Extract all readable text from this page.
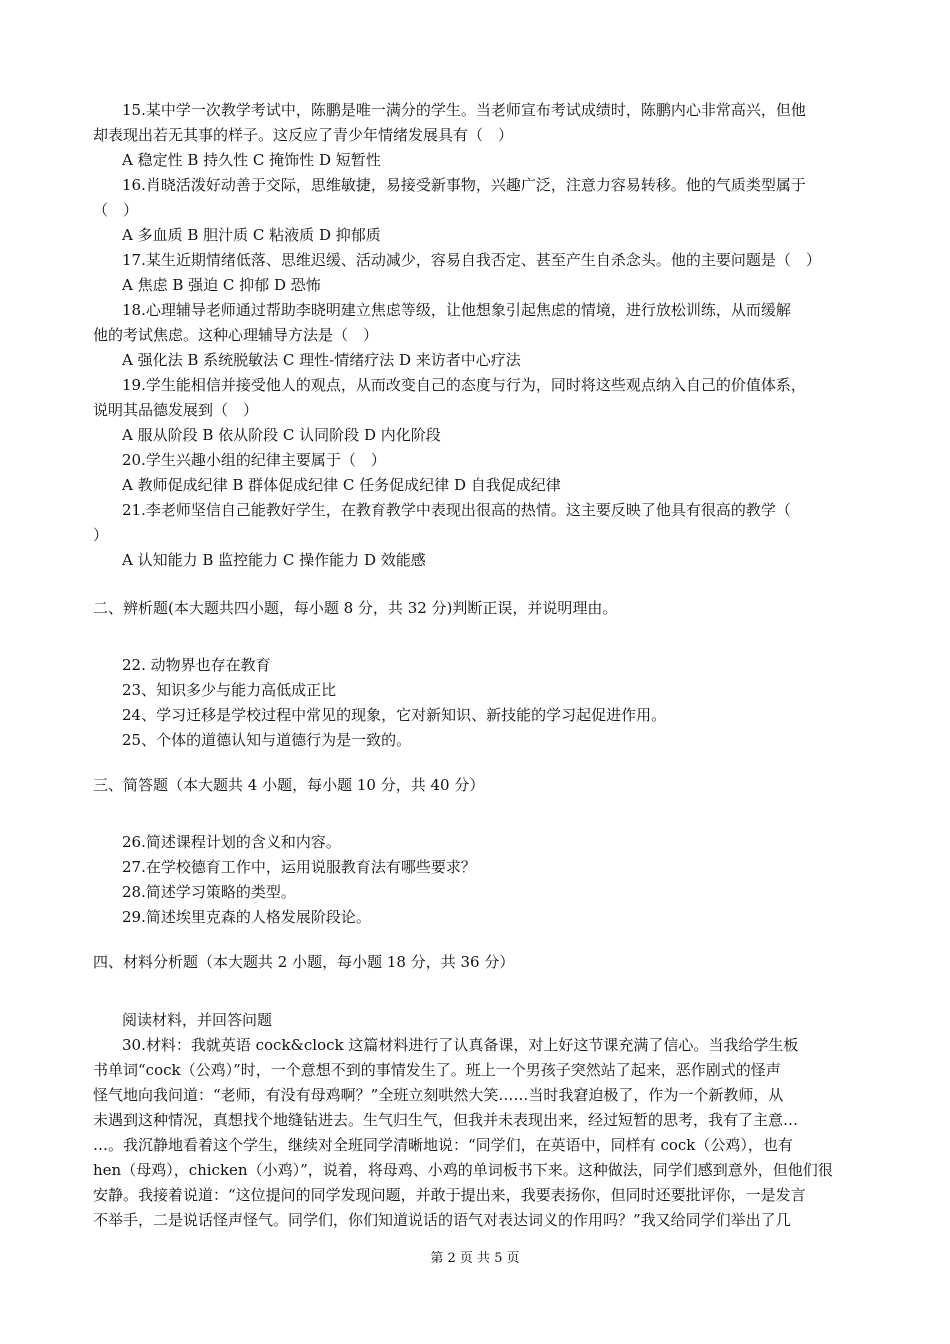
15.某中学一次教学考试中，陈鹏是唯一满分的学生。当老师宣布考试成绩时，陈鹏内心非常高兴，但他
却表现出若无其事的样子。这反应了青少年情绪发展具有（　）
A 稳定性 B 持久性 C 掩饰性 D 短暂性
16.肖晓活泼好动善于交际，思维敏捷，易接受新事物，兴趣广泛，注意力容易转移。他的气质类型属于
（　）
A 多血质 B 胆汁质 C 粘液质 D 抑郁质
17.某生近期情绪低落、思维迟缓、活动减少，容易自我否定、甚至产生自杀念头。他的主要问题是（　）
A 焦虑 B 强迫 C 抑郁 D 恐怖
18.心理辅导老师通过帮助李晓明建立焦虑等级，让他想象引起焦虑的情境，进行放松训练，从而缓解
他的考试焦虑。这种心理辅导方法是（　）
A 强化法 B 系统脱敏法 C 理性-情绪疗法 D 来访者中心疗法
19.学生能相信并接受他人的观点，从而改变自己的态度与行为，同时将这些观点纳入自己的价值体系，
说明其品德发展到（　）
A 服从阶段 B 依从阶段 C 认同阶段 D 内化阶段
20.学生兴趣小组的纪律主要属于（　）
A 教师促成纪律 B 群体促成纪律 C 任务促成纪律 D 自我促成纪律
21.李老师坚信自己能教好学生，在教育教学中表现出很高的热情。这主要反映了他具有很高的教学（
）
A 认知能力 B 监控能力 C 操作能力 D 效能感
二、辨析题(本大题共四小题，每小题 8 分，共 32 分)判断正误，并说明理由。
22. 动物界也存在教育
23、知识多少与能力高低成正比
24、学习迁移是学校过程中常见的现象，它对新知识、新技能的学习起促进作用。
25、个体的道德认知与道德行为是一致的。
三、简答题（本大题共 4 小题，每小题 10 分，共 40 分）
26.简述课程计划的含义和内容。
27.在学校德育工作中，运用说服教育法有哪些要求？
28.简述学习策略的类型。
29.简述埃里克森的人格发展阶段论。
四、材料分析题（本大题共 2 小题，每小题 18 分，共 36 分）
阅读材料，并回答问题
30.材料：我就英语 cock&clock 这篇材料进行了认真备课，对上好这节课充满了信心。当我给学生板
书单词“cock（公鸡）”时，一个意想不到的事情发生了。班上一个男孩子突然站了起来，恶作剧式的怪声
怪气地向我问道：“老师，有没有母鸡啊？”全班立刻哄然大笑……当时我窘迫极了，作为一个新教师，从
未遇到这种情况，真想找个地缝钻进去。生气归生气，但我并未表现出来，经过短暂的思考，我有了主意…
…。我沉静地看着这个学生，继续对全班同学清晰地说：“同学们，在英语中，同样有 cock（公鸡），也有
hen（母鸡），chicken（小鸡）”，说着，将母鸡、小鸡的单词板书下来。这种做法，同学们感到意外，但他们很
安静。我接着说道：“这位提问的同学发现问题，并敢于提出来，我要表扬你，但同时还要批评你，一是发言
不举手，二是说话怪声怪气。同学们，你们知道说话的语气对表达词义的作用吗？”我又给同学们举出了几
第 2 页 共 5 页
